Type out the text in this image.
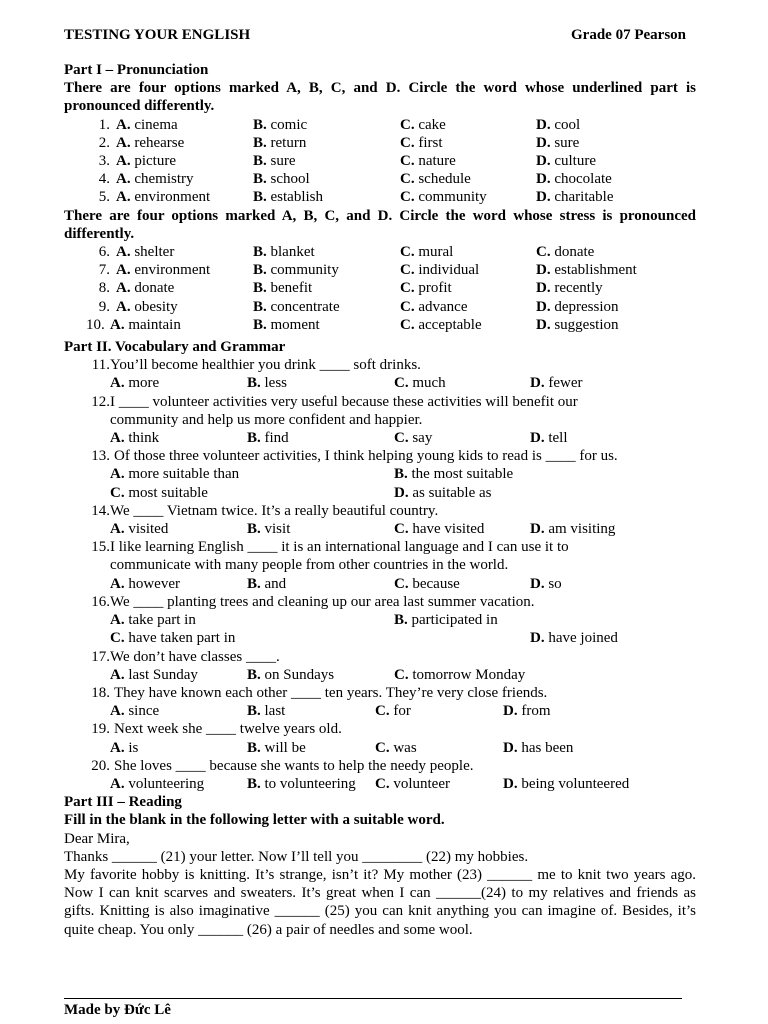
TESTING YOUR ENGLISH	Grade 07 Pearson
Part I – Pronunciation
There are four options marked A, B, C, and D. Circle the word whose underlined part is pronounced differently.
1. A. cinema	B. comic	C. cake	D. cool
2. A. rehearse	B. return	C. first	D. sure
3. A. picture	B. sure	C. nature	D. culture
4. A. chemistry	B. school	C. schedule	D. chocolate
5. A. environment	B. establish	C. community	D. charitable
There are four options marked A, B, C, and D. Circle the word whose stress is pronounced differently.
6. A. shelter	B. blanket	C. mural	C. donate
7. A. environment	B. community	C. individual	D. establishment
8. A. donate	B. benefit	C. profit	D. recently
9. A. obesity	B. concentrate	C. advance	D. depression
10. A. maintain	B. moment	C. acceptable	D. suggestion
Part II. Vocabulary and Grammar
11. You’ll become healthier you drink ____ soft drinks.
A. more	B. less	C. much	D. fewer
12. I ____ volunteer activities very useful because these activities will benefit our
community and help us more confident and happier.
A. think	B. find	C. say	D. tell
13. Of those three volunteer activities, I think helping young kids to read is ____ for us.
A. more suitable than	B. the most suitable
C. most suitable	D. as suitable as
14. We ____ Vietnam twice. It’s a really beautiful country.
A. visited	B. visit	C. have visited	D. am visiting
15. I like learning English ____ it is an international language and I can use it to
communicate with many people from other countries in the world.
A. however	B. and	C. because	D. so
16. We ____ planting trees and cleaning up our area last summer vacation.
A. take part in	B. participated in
C. have taken part in	D. have joined
17. We don’t have classes ____.
A. last Sunday	B. on Sundays	C. tomorrow Monday
18. They have known each other ____ ten years. They’re very close friends.
A. since	B. last	C. for	D. from
19. Next week she ____ twelve years old.
A. is	B. will be	C. was	D. has been
20. She loves ____ because she wants to help the needy people.
A. volunteering	B. to volunteering	C. volunteer	D. being volunteered
Part III – Reading
Fill in the blank in the following letter with a suitable word.
Dear Mira,
Thanks ______ (21) your letter. Now I’ll tell you ________ (22) my hobbies.
My favorite hobby is knitting. It’s strange, isn’t it? My mother (23) ______ me to knit two years ago. Now I can knit scarves and sweaters. It’s great when I can ______(24) to my relatives and friends as gifts. Knitting is also imaginative ______ (25) you can knit anything you can imagine of. Besides, it’s quite cheap. You only ______ (26) a pair of needles and some wool.
Made by Đức Lê
